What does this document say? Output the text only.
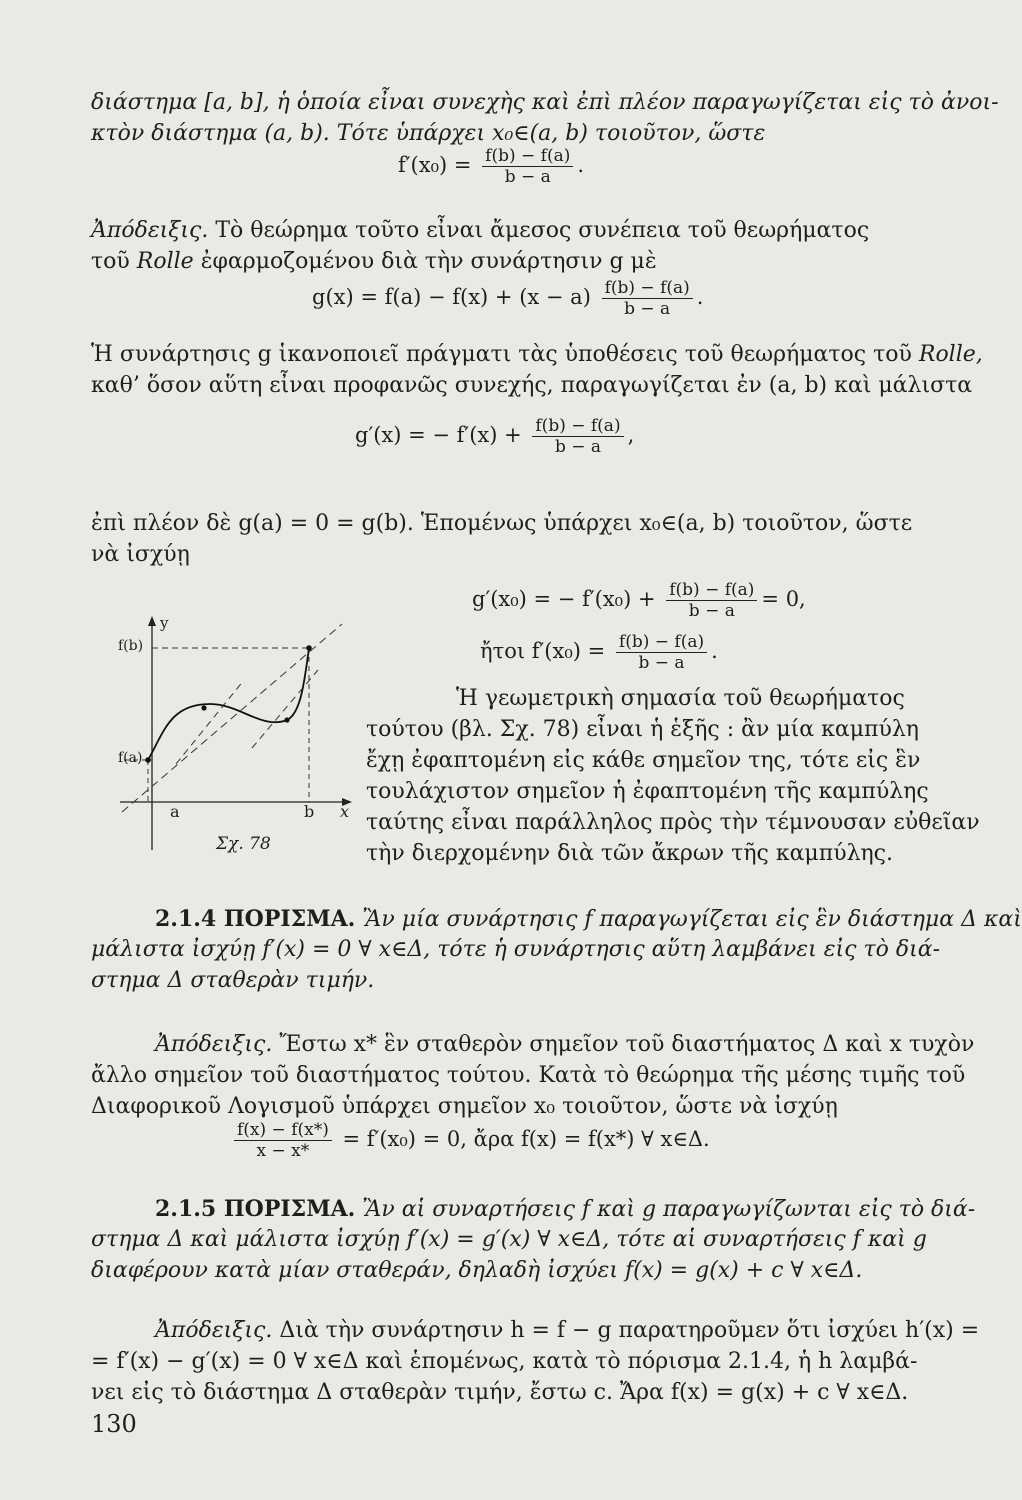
διάστημα [a, b], ἡ ὁποία εἶναι συνεχὴς καὶ ἐπὶ πλέον παραγωγίζεται εἰς τὸ ἀνοι-
κτὸν διάστημα (a, b). Τότε ὑπάρχει x₀∈(a, b) τοιοῦτον, ὥστε
$f'(x_0) = \frac{f(b) - f(a)}{b - a}$ .
Ἀπόδειξις. Τὸ θεώρημα τοῦτο εἶναι ἄμεσος συνέπεια τοῦ θεωρήματος
τοῦ Rolle ἐφαρμοζομένου διὰ τὴν συνάρτησιν g μὲ
$g(x) = f(a) - f(x) + (x - a) \frac{f(b) - f(a)}{b - a}$ .
Ἡ συνάρτησις g ἱκανοποιεῖ πράγματι τὰς ὑποθέσεις τοῦ θεωρήματος τοῦ Rolle,
καθ’ ὅσον αὕτη εἶναι προφανῶς συνεχής, παραγωγίζεται ἐν (a, b) καὶ μάλιστα
g′(x) = − $f'(x) + \frac{f(b) - f(a)}{b - a}$ ,
ἐπὶ πλέον δὲ g(a) = 0 = g(b). Ἑπομένως ὑπάρχει x₀∈(a, b) τοιοῦτον, ὥστε
νὰ ἰσχύῃ
g′(x₀) = − $f'(x_0) + \frac{f(b) - f(a)}{b - a} = 0$,
ἤτοι $f'(x_0) = \frac{f(b) - f(a)}{b - a}$ .
y
f(b)
f(a)
a	b x
Σχ. 78
Ἡ γεωμετρικὴ σημασία τοῦ θεωρήματος
τούτου (βλ. Σχ. 78) εἶναι ἡ ἑξῆς : ἂν μία καμπύλη
ἔχῃ ἐφαπτομένη εἰς κάθε σημεῖον της, τότε εἰς ἓν
τουλάχιστον σημεῖον ἡ ἐφαπτομένη τῆς καμπύλης
ταύτης εἶναι παράλληλος πρὸς τὴν τέμνουσαν εὐθεῖαν
τὴν διερχομένην διὰ τῶν ἄκρων τῆς καμπύλης.
2.1.4 ΠΟΡΙΣΜΑ. Ἂν μία συνάρτησις f παραγωγίζεται εἰς ἓν διάστημα Δ καὶ
μάλιστα ἰσχύῃ f′(x) = 0 ∀ x∈Δ, τότε ἡ συνάρτησις αὕτη λαμβάνει εἰς τὸ διά-
στημα Δ σταθερὰν τιμήν.
Ἀπόδειξις. Ἔστω x* ἓν σταθερὸν σημεῖον τοῦ διαστήματος Δ καὶ x τυχὸν
ἄλλο σημεῖον τοῦ διαστήματος τούτου. Κατὰ τὸ θεώρημα τῆς μέσης τιμῆς τοῦ
Διαφορικοῦ Λογισμοῦ ὑπάρχει σημεῖον x₀ τοιοῦτον, ὥστε νὰ ἰσχύῃ
$\frac{f(x) - f(x*)}{x - x*} = f'(x_0) = 0$, ἄρα f(x) = f(x*) ∀ x∈Δ.
2.1.5 ΠΟΡΙΣΜΑ. Ἂν αἱ συναρτήσεις f καὶ g παραγωγίζωνται εἰς τὸ διά-
στημα Δ καὶ μάλιστα ἰσχύῃ f′(x) = g′(x) ∀ x∈Δ, τότε αἱ συναρτήσεις f καὶ g
διαφέρουν κατὰ μίαν σταθεράν, δηλαδὴ ἰσχύει f(x) = g(x) + c ∀ x∈Δ.
Ἀπόδειξις. Διὰ τὴν συνάρτησιν h = f − g παρατηροῦμεν ὅτι ἰσχύει h′(x) =
= f′(x) − g′(x) = 0 ∀ x∈Δ καὶ ἑπομένως, κατὰ τὸ πόρισμα 2.1.4, ἡ h λαμβά-
νει εἰς τὸ διάστημα Δ σταθερὰν τιμήν, ἔστω c. Ἄρα f(x) = g(x) + c ∀ x∈Δ.
130
